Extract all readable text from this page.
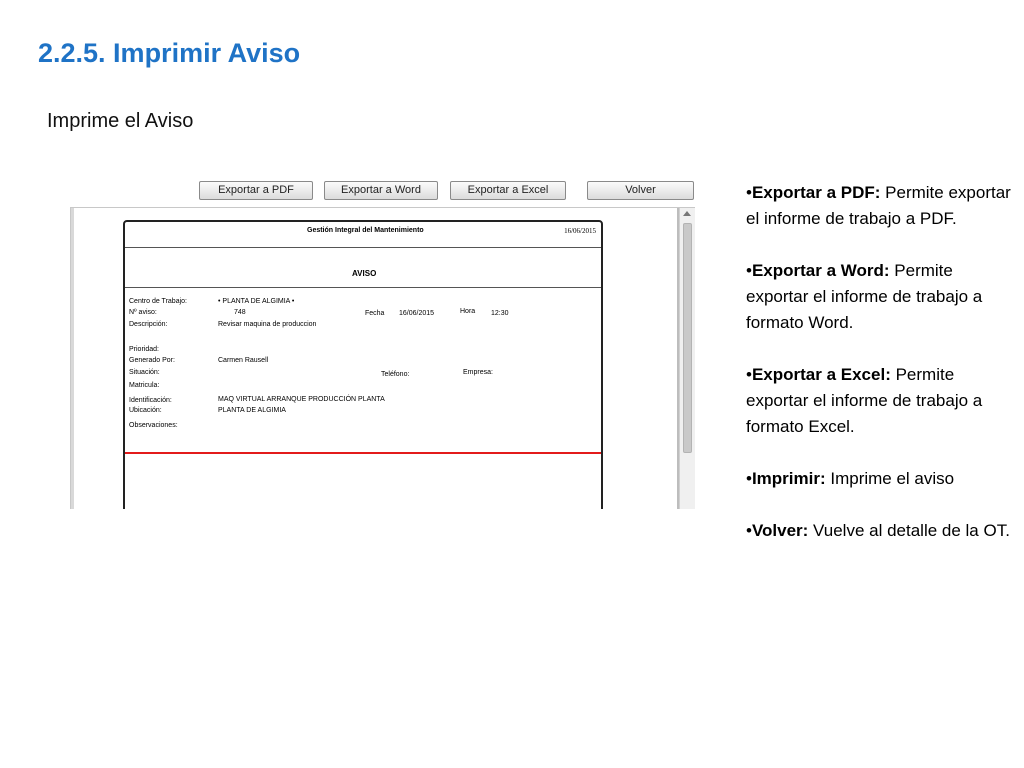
2.2.5. Imprimir Aviso
Imprime el Aviso
Exportar a PDF	Exportar a Word	Exportar a Excel	Volver
Gestión Integral del Mantenimiento	16/06/2015
AVISO
Centro de Trabajo:	• PLANTA DE ALGIMIA •
Nº aviso:	748	Fecha 16/06/2015	Hora 12:30
Descripción:	Revisar maquina de produccion
Prioridad:
Generado Por:	Carmen Rausell
Situación:	Teléfono:	Empresa:
Matricula:
Identificación:	MAQ VIRTUAL ARRANQUE PRODUCCIÓN PLANTA
Ubicación:	PLANTA DE ALGIMIA
Observaciones:
•Exportar a PDF: Permite exportar el informe de trabajo a PDF.
•Exportar a Word: Permite exportar el informe de trabajo a formato Word.
•Exportar a Excel: Permite exportar el informe de trabajo a formato Excel.
•Imprimir: Imprime el aviso
•Volver: Vuelve al detalle de la OT.
